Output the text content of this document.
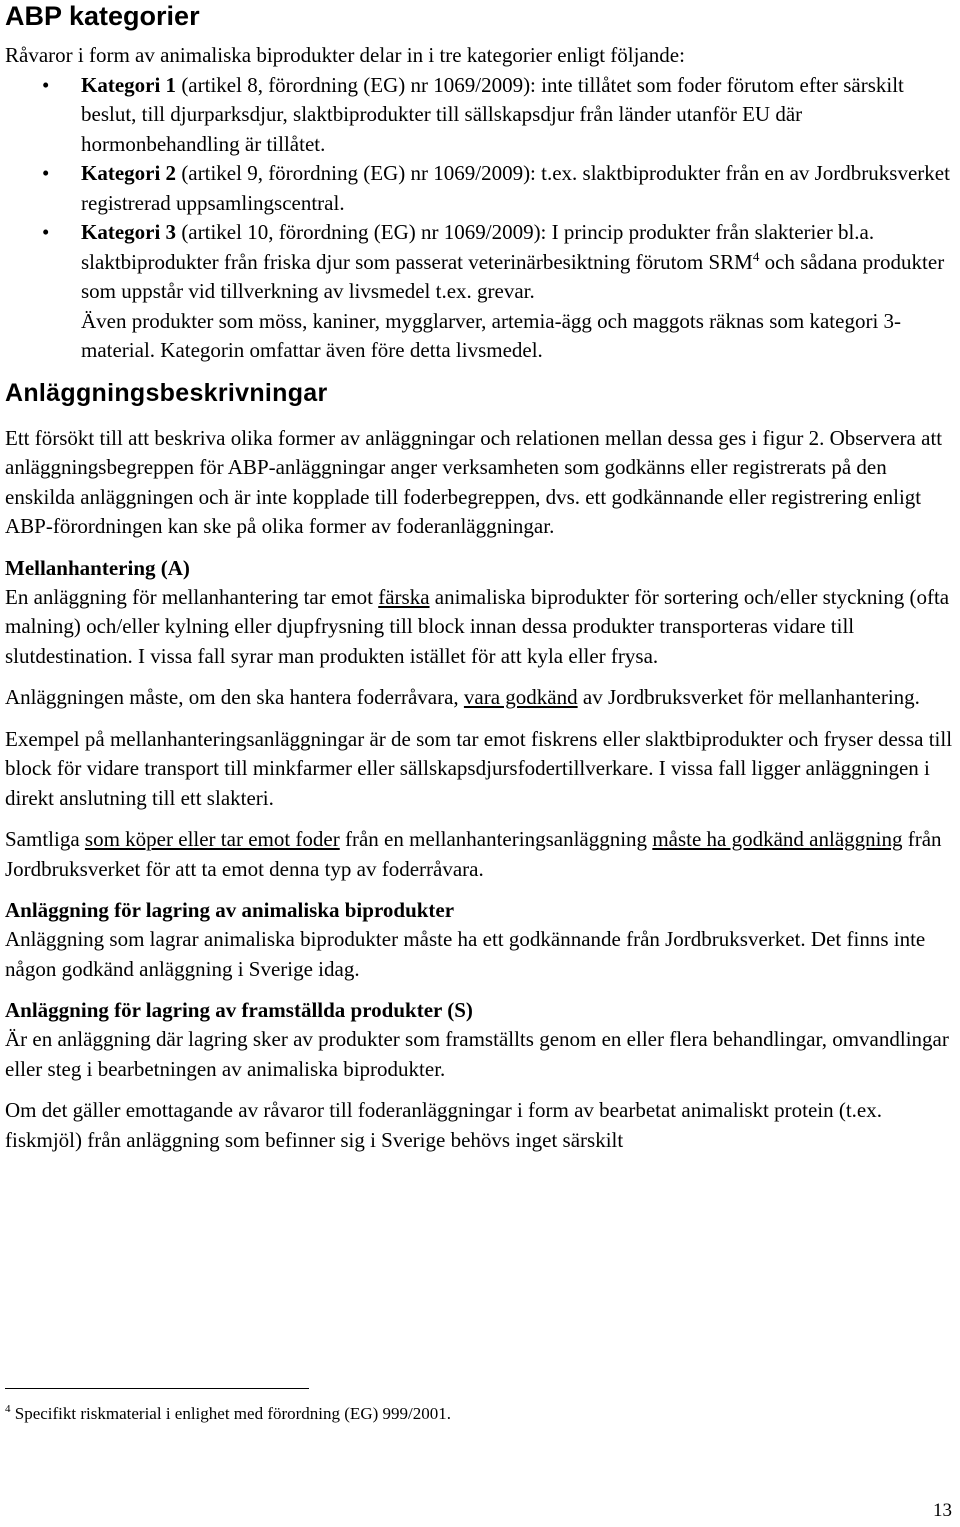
ABP kategorier

Råvaror i form av animaliska biprodukter delar in i tre kategorier enligt följande:

• Kategori 1 (artikel 8, förordning (EG) nr 1069/2009): inte tillåtet som foder förutom efter särskilt beslut, till djurparksdjur, slaktbiprodukter till sällskapsdjur från länder utanför EU där hormonbehandling är tillåtet.
• Kategori 2 (artikel 9, förordning (EG) nr 1069/2009): t.ex. slaktbiprodukter från en av Jordbruksverket registrerad uppsamlingscentral.
• Kategori 3 (artikel 10, förordning (EG) nr 1069/2009): I princip produkter från slakterier bl.a. slaktbiprodukter från friska djur som passerat veterinärbesiktning förutom SRM$^4$ och sådana produkter som uppstår vid tillverkning av livsmedel t.ex. grevar.
Även produkter som möss, kaniner, mygglarver, artemia-ägg och maggots räknas som kategori 3-material. Kategorin omfattar även före detta livsmedel.
Anläggningsbeskrivningar

Ett försökt till att beskriva olika former av anläggningar och relationen mellan dessa ges i figur 2. Observera att anläggningsbegreppen för ABP-anläggningar anger verksamheten som godkänns eller registrerats på den enskilda anläggningen och är inte kopplade till foderbegreppen, dvs. ett godkännande eller registrering enligt ABP-förordningen kan ske på olika former av foderanläggningar.

Mellanhantering (A)

En anläggning för mellanhantering tar emot färska animaliska biprodukter för sortering och/eller styckning (ofta malning) och/eller kylning eller djupfrysning till block innan dessa produkter transporteras vidare till slutdestination. I vissa fall syrar man produkten istället för att kyla eller frysa.

Anläggningen måste, om den ska hantera foderråvara, vara godkänd av Jordbruksverket för mellanhantering.

Exempel på mellanhanteringsanläggningar är de som tar emot fiskrens eller slaktbiprodukter och fryser dessa till block för vidare transport till minkfarmer eller sällskapsdjursfodertillverkare. I vissa fall ligger anläggningen i direkt anslutning till ett slakteri.

Samtliga som köper eller tar emot foder från en mellanhanteringsanläggning måste ha godkänd anläggning från Jordbruksverket för att ta emot denna typ av foderråvara.

Anläggning för lagring av animaliska biprodukter

Anläggning som lagrar animaliska biprodukter måste ha ett godkännande från Jordbruksverket. Det finns inte någon godkänd anläggning i Sverige idag.

Anläggning för lagring av framställda produkter (S)

Är en anläggning där lagring sker av produkter som framställts genom en eller flera behandlingar, omvandlingar eller steg i bearbetningen av animaliska biprodukter.

Om det gäller emottagande av råvaror till foderanläggningar i form av bearbetat animaliskt protein (t.ex. fiskmjöl) från anläggning som befinner sig i Sverige behövs inget särskilt

$^4$ Specifikt riskmaterial i enlighet med förordning (EG) 999/2001.
13
